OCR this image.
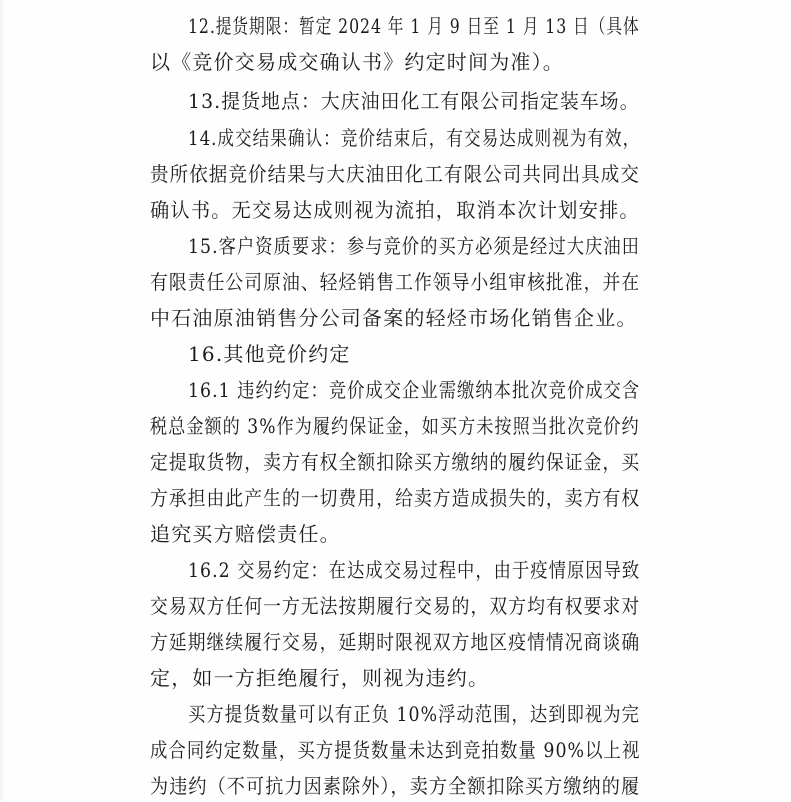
12.提货期限：暂定 2024 年 1 月 9 日至 1 月 13 日（具体
以《竞价交易成交确认书》约定时间为准）。
13.提货地点：大庆油田化工有限公司指定装车场。
14.成交结果确认：竞价结束后，有交易达成则视为有效，
贵所依据竞价结果与大庆油田化工有限公司共同出具成交
确认书。无交易达成则视为流拍，取消本次计划安排。
15.客户资质要求：参与竞价的买方必须是经过大庆油田
有限责任公司原油、轻烃销售工作领导小组审核批准，并在
中石油原油销售分公司备案的轻烃市场化销售企业。
16.其他竞价约定
16.1 违约约定：竞价成交企业需缴纳本批次竞价成交含
税总金额的 3%作为履约保证金，如买方未按照当批次竞价约
定提取货物，卖方有权全额扣除买方缴纳的履约保证金，买
方承担由此产生的一切费用，给卖方造成损失的，卖方有权
追究买方赔偿责任。
16.2 交易约定：在达成交易过程中，由于疫情原因导致
交易双方任何一方无法按期履行交易的，双方均有权要求对
方延期继续履行交易，延期时限视双方地区疫情情况商谈确
定，如一方拒绝履行，则视为违约。
买方提货数量可以有正负 10%浮动范围，达到即视为完
成合同约定数量，买方提货数量未达到竞拍数量 90%以上视
为违约（不可抗力因素除外），卖方全额扣除买方缴纳的履
